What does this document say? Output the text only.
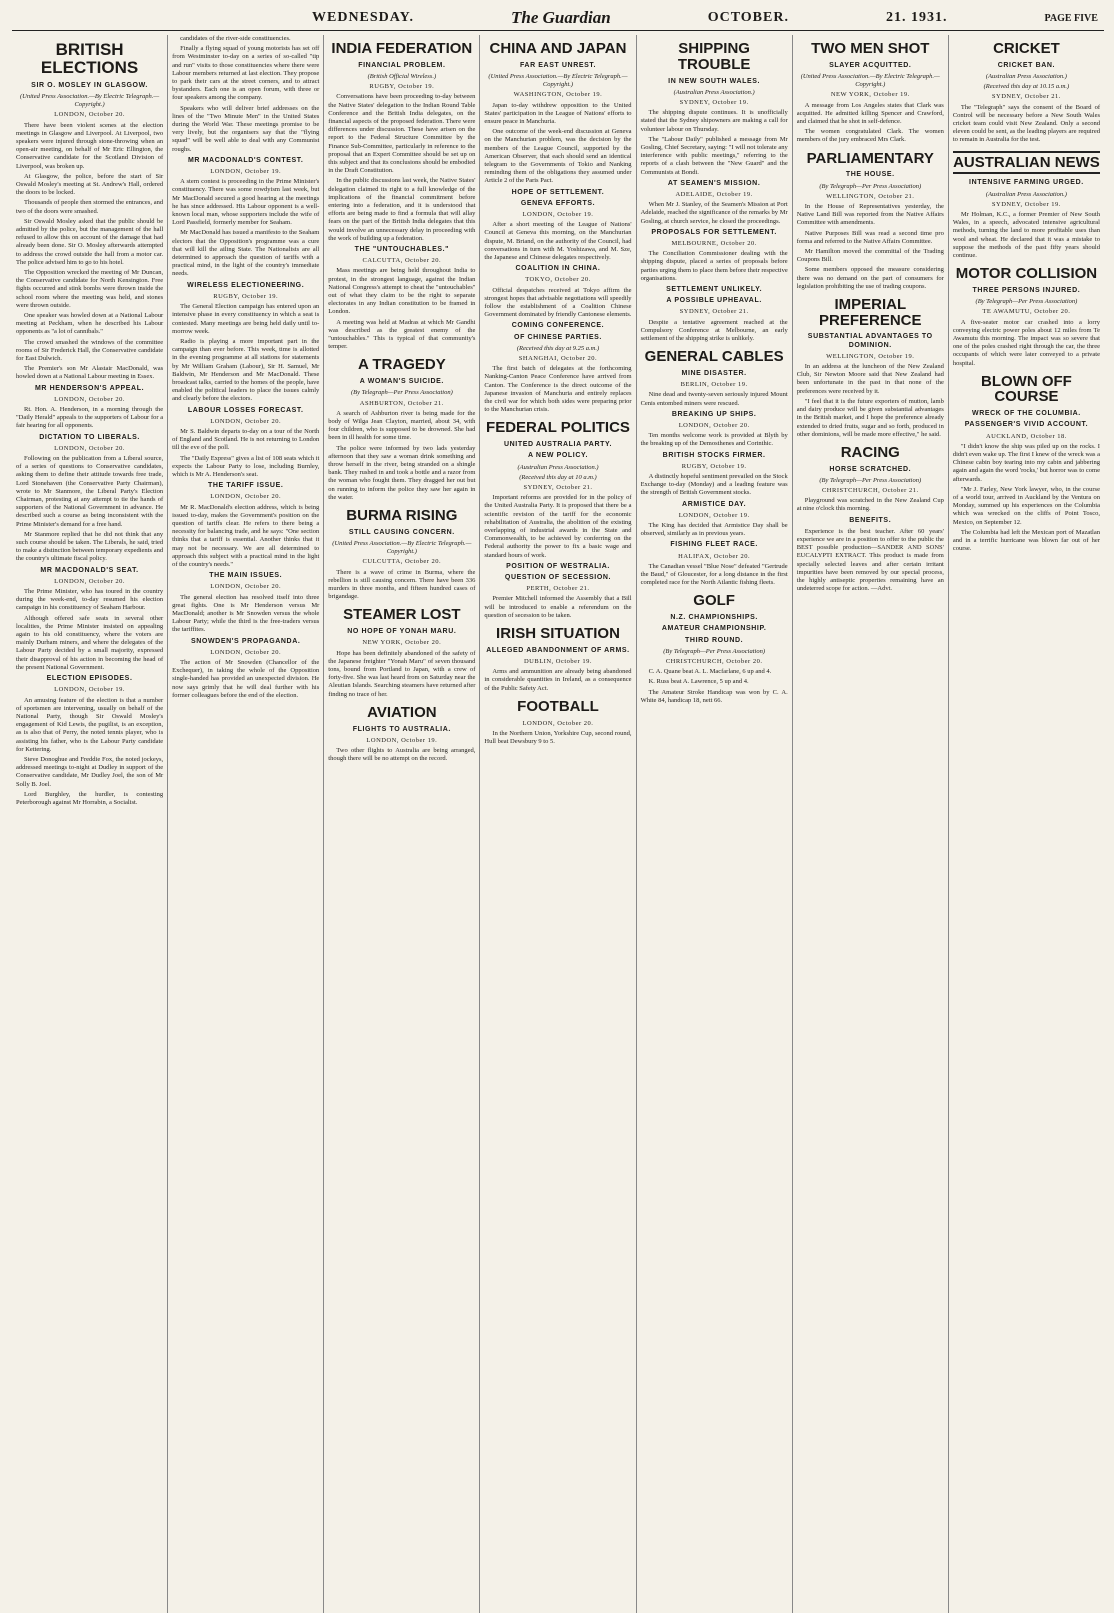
WEDNESDAY.	The Guardian	OCTOBER.	21. 1931.	PAGE FIVE
BRITISH ELECTIONS
SIR O. MOSLEY IN GLASGOW.
(United Press Association.—By Electric Telegraph.—Copyright.)
LONDON, October 20.

There have been violent scenes at the election meetings in Glasgow and Liverpool. At Liverpool, two speakers were injured through stone-throwing when an open-air meeting, on behalf of Mr Eric Ellington, the Conservative candidate for the Scotland Division of Liverpool, was broken up.

At Glasgow, the police, before the start of Sir Oswald Mosley's meeting at St. Andrew's Hall, ordered the doors to be locked.

Thousands of people then stormed the entrances, and two of the doors were smashed.

Sir Oswald Mosley asked that the public should be admitted by the police, but the management of the hall refused to allow this on account of the damage that had already been done. Sir O. Mosley afterwards attempted to address the crowd outside the hall from a motor car. The police advised him to go to his hotel.

The Opposition wrecked the meeting of Mr Duncan, the Conservative candidate for North Kensington. Free fights occurred and stink bombs were thrown inside the school room where the meeting was held, and stones were thrown outside.

One speaker was howled down at a National Labour meeting at Peckham, when he described his Labour opponents as "a lot of cannibals."

The crowd smashed the windows of the committee rooms of Sir Frederick Hall, the Conservative candidate for East Dulwich.

The Premier's son Mr Alastair MacDonald, was howled down at a National Labour meeting in Essex.

MR HENDERSON'S APPEAL.
LONDON, October 20.

Rt. Hon. A. Henderson, in a morning through the "Daily Herald" appeals to the supporters of Labour for a fair hearing for all opponents.

DICTATION TO LIBERALS.
LONDON, October 20.

Following on the publication from a Liberal source, of a series of questions to Conservative candidates, asking them to define their attitude towards free trade, Lord Stonehaven (the Conservative Party Chairman), wrote to Mr Stanmore, the Liberal Party's Election Chairman, protesting at any attempt to tie the hands of supporters of the National Government in advance. He described such a course as being inconsistent with the Prime Minister's demand for a free hand.

Mr Stanmore replied that he did not think that any such course should be taken. The Liberals, he said, tried to make a distinction between temporary expedients and the country's ultimate fiscal policy.

MR MACDONALD'S SEAT.
LONDON, October 20.

The Prime Minister, who has toured in the country during the week-end, to-day resumed his election campaign in his constituency of Seaham Harbour.

Although offered safe seats in several other localities, the Prime Minister insisted on appealing again to his old constituency, where the voters are mainly Durham miners, and where the delegates of the Labour Party decided by a small majority, expressed their disapproval of his action in becoming the head of the present National Government.

ELECTION EPISODES.
LONDON, October 19.

An amusing feature of the election is that a number of sportsmen are intervening, usually on behalf of the National Party, though Sir Oswald Mosley's engagement of Kid Lewis, the pugilist, is an exception, as is also that of Perry, the noted tennis player, who is assisting his father, who is the Labour Party candidate for Kettering.

Steve Donoghue and Freddie Fox, the noted jockeys, addressed meetings to-night at Dudley in support of the Conservative candidate, Mr Dudley Joel, the son of Mr Solly B. Joel.

Lord Burghley, the hurdler, is contesting Peterborough against Mr Horrabin, a Socialist.

candidates of the river-side constituencies.

Finally a flying squad of young motorists has set off from Westminster to-day on a series of so-called "tip and run" visits to those constituencies where there were Labour members returned at last election. They propose to park their cars at the street corners, and to attract bystanders. Each one is an open forum, with three or four speakers among the company.

Speakers who will deliver brief addresses on the lines of the "Two Minute Men" in the United States during the World War. These meetings promise to be very lively, but the organisers say that the "flying squad" will be well able to deal with any Communist roughs.

MR MACDONALD'S CONTEST.
LONDON, October 19.

A stern contest is proceeding in the Prime Minister's constituency. There was some rowdyism last week, but Mr MacDonald secured a good hearing at the meetings he has since addressed. His Labour opponent is a well-known local man, whose supporters include the wife of Lord Passfield, formerly member for Seaham.

Mr MacDonald has issued a manifesto to the Seaham electors that the Opposition's programme was a cure that will kill the ailing State. The Nationalists are all determined to approach the question of tariffs with a practical mind, in the light of the country's immediate needs.

WIRELESS ELECTIONEERING.
RUGBY, October 19.

The General Election campaign has entered upon an intensive phase in every constituency in which a seat is contested. Many meetings are being held daily until to-morrow week.

Radio is playing a more important part in the campaign than ever before. This week, time is allotted in the evening programme at all stations for statements by Mr William Graham (Labour), Sir H. Samuel, Mr Baldwin, Mr Henderson and Mr MacDonald. These broadcast talks, carried to the homes of the people, have enabled the political leaders to place the issues calmly and clearly before the electors.

LABOUR LOSSES FORECAST.
LONDON, October 20.

Mr S. Baldwin departs to-day on a tour of the North of England and Scotland. He is not returning to London till the eve of the poll.

The "Daily Express" gives a list of 108 seats which it expects the Labour Party to lose, including Burnley, which is Mr A. Henderson's seat.

THE TARIFF ISSUE.
LONDON, October 20.

Mr R. MacDonald's election address, which is being issued to-day, makes the Government's position on the question of tariffs clear. He refers to there being a necessity for balancing trade, and he says: "One section thinks that a tariff is essential. Another thinks that it may not be necessary. We are all determined to approach this subject with a practical mind in the light of the country's needs."

THE MAIN ISSUES.
LONDON, October 20.

The general election has resolved itself into three great fights. One is Mr Henderson versus Mr MacDonald; another is Mr Snowden versus the whole Labour Party; while the third is the free-traders versus the tariffites.

SNOWDEN'S PROPAGANDA.
LONDON, October 20.

The action of Mr Snowden (Chancellor of the Exchequer), in taking the whole of the Opposition single-handed has provided an unexpected division. He now says grimly that he will deal further with his former colleagues before the end of the election.

INDIA FEDERATION
FINANCIAL PROBLEM.
(British Official Wireless.)
RUGBY, October 19.

Conversations have been proceeding to-day between the Native States' delegation to the Indian Round Table Conference and the British India delegates, on the financial aspects of the proposed federation. There were differences under discussion. These have arisen on the report to the Federal Structure Committee by the Finance Sub-Committee, particularly in reference to the proposal that an Expert Committee should be set up on this subject and that its conclusions should be embodied in the Draft Constitution.

In the public discussions last week, the Native States' delegation claimed its right to a full knowledge of the implications of the financial commitment before entering into a federation, and it is understood that efforts are being made to find a formula that will allay fears on the part of the British India delegates that this would involve an unnecessary delay in proceeding with the work of building up a federation.

THE "UNTOUCHABLES."
CALCUTTA, October 20.

Mass meetings are being held throughout India to protest, in the strongest language, against the Indian National Congress's attempt to cheat the "untouchables" out of what they claim to be the right to separate electorates in any Indian constitution to be framed in London.

A meeting was held at Madras at which Mr Gandhi was described as the greatest enemy of the "untouchables." This is typical of that community's temper.

A TRAGEDY
A WOMAN'S SUICIDE.
(By Telegraph—Per Press Association)
ASHBURTON, October 21.

A search of Ashburton river is being made for the body of Wilga Jean Clayton, married, about 34, with four children, who is supposed to be drowned. She had been in ill health for some time.

The police were informed by two lads yesterday afternoon that they saw a woman drink something and throw herself in the river, being stranded on a shingle bank. They rushed in and took a bottle and a razor from the woman who fought them. They dragged her out but on running to inform the police they saw her again in the water.

BURMA RISING
STILL CAUSING CONCERN.
(United Press Association.—By Electric Telegraph.—Copyright.)
CULCUTTA, October 20.

There is a wave of crime in Burma, where the rebellion is still causing concern. There have been 336 murders in three months, and fifteen hundred cases of brigandage.

STEAMER LOST
NO HOPE OF YONAH MARU.
NEW YORK, October 20.

Hope has been definitely abandoned of the safety of the Japanese freighter "Yonah Maru" of seven thousand tons, bound from Portland to Japan, with a crew of forty-five. She was last heard from on Saturday near the Aleutian Islands. Searching steamers have returned after finding no trace of her.

AVIATION
FLIGHTS TO AUSTRALIA.
LONDON, October 19.

Two other flights to Australia are being arranged, though there will be no attempt on the record.

CHINA AND JAPAN
FAR EAST UNREST.
(United Press Association.—By Electric Telegraph.—Copyright.)
WASHINGTON, October 19.

Japan to-day withdrew opposition to the United States' participation in the League of Nations' efforts to ensure peace in Manchuria.

One outcome of the week-end discussion at Geneva on the Manchurian problem, was the decision by the members of the League Council, supported by the American Observer, that each should send an identical telegram to the Governments of Tokio and Nanking reminding them of the obligations they assumed under Article 2 of the Paris Pact.

HOPE OF SETTLEMENT.
GENEVA EFFORTS.
LONDON, October 19.

After a short meeting of the League of Nations' Council at Geneva this morning, on the Manchurian dispute, M. Briand, on the authority of the Council, had conversations in turn with M. Yoshizawa, and M. Sze, the Japanese and Chinese delegates respectively.

COALITION IN CHINA.
TOKYO, October 20.

Official despatches received at Tokyo affirm the strongest hopes that advisable negotiations will speedily follow the establishment of a Coalition Chinese Government dominated by friendly Cantonese elements.

COMING CONFERENCE.
OF CHINESE PARTIES.
(Received this day at 9.25 a.m.)
SHANGHAI, October 20.

The first batch of delegates at the forthcoming Nanking-Canton Peace Conference have arrived from Canton. The Conference is the direct outcome of the Japanese invasion of Manchuria and entirely replaces the civil war for which both sides were preparing prior to the Manchurian crisis.

FEDERAL POLITICS
UNITED AUSTRALIA PARTY.
A NEW POLICY.
(Australian Press Association.)
(Received this day at 10 a.m.)
SYDNEY, October 21.

Important reforms are provided for in the policy of the United Australia Party. It is proposed that there be a scientific revision of the tariff for the economic rehabilitation of Australia, the abolition of the existing overlapping of industrial awards in the State and Commonwealth, to be achieved by conferring on the Federal authority the power to fix a basic wage and standard hours of work.

POSITION OF WESTRALIA.
QUESTION OF SECESSION.
PERTH, October 21.

Premier Mitchell informed the Assembly that a Bill will be introduced to enable a referendum on the question of secession to be taken.

IRISH SITUATION
ALLEGED ABANDONMENT OF ARMS.
DUBLIN, October 19.

Arms and ammunition are already being abandoned in considerable quantities in Ireland, as a consequence of the Public Safety Act.

FOOTBALL
LONDON, October 20.

In the Northern Union, Yorkshire Cup, second round, Hull beat Dewsbury 9 to 5.

SHIPPING TROUBLE
IN NEW SOUTH WALES.
(Australian Press Association.)
SYDNEY, October 19.

The shipping dispute continues. It is unofficially stated that the Sydney shipowners are making a call for volunteer labour on Thursday.

The "Labour Daily" published a message from Mr Gosling, Chief Secretary, saying: "I will not tolerate any interference with public meetings," referring to the reports of a clash between the "New Guard" and the Communists at Bondi.

AT SEAMEN'S MISSION.
ADELAIDE, October 19.

When Mr J. Stanley, of the Seamen's Mission at Port Adelaide, reached the significance of the remarks by Mr Gosling, at church service, he closed the proceedings.

PROPOSALS FOR SETTLEMENT.
MELBOURNE, October 20.

The Conciliation Commissioner dealing with the shipping dispute, placed a series of proposals before parties urging them to place them before their respective organisations.

SETTLEMENT UNLIKELY.
A POSSIBLE UPHEAVAL.
SYDNEY, October 21.

Despite a tentative agreement reached at the Compulsory Conference at Melbourne, an early settlement of the shipping strike is unlikely.

GENERAL CABLES
MINE DISASTER.
BERLIN, October 19.

Nine dead and twenty-seven seriously injured Mount Cenis entombed miners were rescued.

BREAKING UP SHIPS.
LONDON, October 20.

Ten months welcome work is provided at Blyth by the breaking up of the Demosthenes and Corinthic.

BRITISH STOCKS FIRMER.
RUGBY, October 19.

A distinctly hopeful sentiment prevailed on the Stock Exchange to-day (Monday) and a leading feature was the strength of British Government stocks.

ARMISTICE DAY.
LONDON, October 19.

The King has decided that Armistice Day shall be observed, similarly as in previous years.

FISHING FLEET RACE.
HALIFAX, October 20.

The Canadian vessel "Blue Nose" defeated "Gertrude the Baud," of Gloucester, for a long distance in the first completed race for the North Atlantic fishing fleets.

GOLF
N.Z. CHAMPIONSHIPS.
AMATEUR CHAMPIONSHIP.
THIRD ROUND.
(By Telegraph—Per Press Association)
CHRISTCHURCH, October 20.

C. A. Quane beat A. L. Macfarlane, 6 up and 4.

K. Russ beat A. Lawrence, 5 up and 4.

The Amateur Stroke Handicap was won by C. A. White 84, handicap 18, nett 66.

TWO MEN SHOT
SLAYER ACQUITTED.
(United Press Association.—By Electric Telegraph.—Copyright.)
NEW YORK, October 19.

A message from Los Angeles states that Clark was acquitted. He admitted killing Spencer and Crawford, and claimed that he shot in self-defence.

The women congratulated Clark. The women members of the jury embraced Mrs Clark.

PARLIAMENTARY
THE HOUSE.
(By Telegraph—Per Press Association)
WELLINGTON, October 21.

In the House of Representatives yesterday, the Native Land Bill was reported from the Native Affairs Committee with amendments.

Native Purposes Bill was read a second time pro forma and referred to the Native Affairs Committee.

Mr Hamilton moved the committal of the Trading Coupons Bill.

Some members opposed the measure considering there was no demand on the part of consumers for legislation prohibiting the use of trading coupons.

IMPERIAL PREFERENCE
SUBSTANTIAL ADVANTAGES TO DOMINION.
WELLINGTON, October 19.

In an address at the luncheon of the New Zealand Club, Sir Newton Moore said that New Zealand had been unfortunate in the past in that none of the preferences were received by it.

"I feel that it is the future exporters of mutton, lamb and dairy produce will be given substantial advantages in the British market, and I hope the preference already extended to dried fruits, sugar and so forth, produced in other dominions, will be made more effective," he said.

RACING
HORSE SCRATCHED.
(By Telegraph—Per Press Association)
CHRISTCHURCH, October 21.

Playground was scratched in the New Zealand Cup at nine o'clock this morning.

BENEFITS.

Experience is the best teacher. After 60 years' experience we are in a position to offer to the public the BEST possible production—SANDER AND SONS' EUCALYPTI EXTRACT. This product is made from specially selected leaves and after certain irritant impurities have been removed by our special process, the highly antiseptic properties remaining have an undeterred scope for action. —Advt.

CRICKET
CRICKET BAN.
(Australian Press Association.)
(Received this day at 10.15 a.m.)
SYDNEY, October 21.

The "Telegraph" says the consent of the Board of Control will be necessary before a New South Wales cricket team could visit New Zealand. Only a second eleven could be sent, as the leading players are required to remain in Australia for the test.

AUSTRALIAN NEWS
INTENSIVE FARMING URGED.
(Australian Press Association.)
SYDNEY, October 19.

Mr Holman, K.C., a former Premier of New South Wales, in a speech, advocated intensive agricultural methods, turning the land to more profitable uses than wool and wheat. He declared that it was a mistake to suppose the methods of the past fifty years should continue.

MOTOR COLLISION
THREE PERSONS INJURED.
(By Telegraph—Per Press Association)
TE AWAMUTU, October 20.

A five-seater motor car crashed into a lorry conveying electric power poles about 12 miles from Te Awamutu this morning. The impact was so severe that one of the poles crashed right through the car, the three occupants of which were later conveyed to a private hospital.

BLOWN OFF COURSE
WRECK OF THE COLUMBIA.
PASSENGER'S VIVID ACCOUNT.
AUCKLAND, October 18.

"I didn't know the ship was piled up on the rocks. I didn't even wake up. The first I knew of the wreck was a Chinese cabin boy tearing into my cabin and jabbering again and again the word 'rocks,' but horror was to come afterwards.

"Mr J. Farley, New York lawyer, who, in the course of a world tour, arrived in Auckland by the Ventura on Monday, summed up his experiences on the Columbia which was wrecked on the cliffs of Point Tosco, Mexico, on September 12.

The Columbia had left the Mexican port of Mazatlan and in a terrific hurricane was blown far out of her course.
